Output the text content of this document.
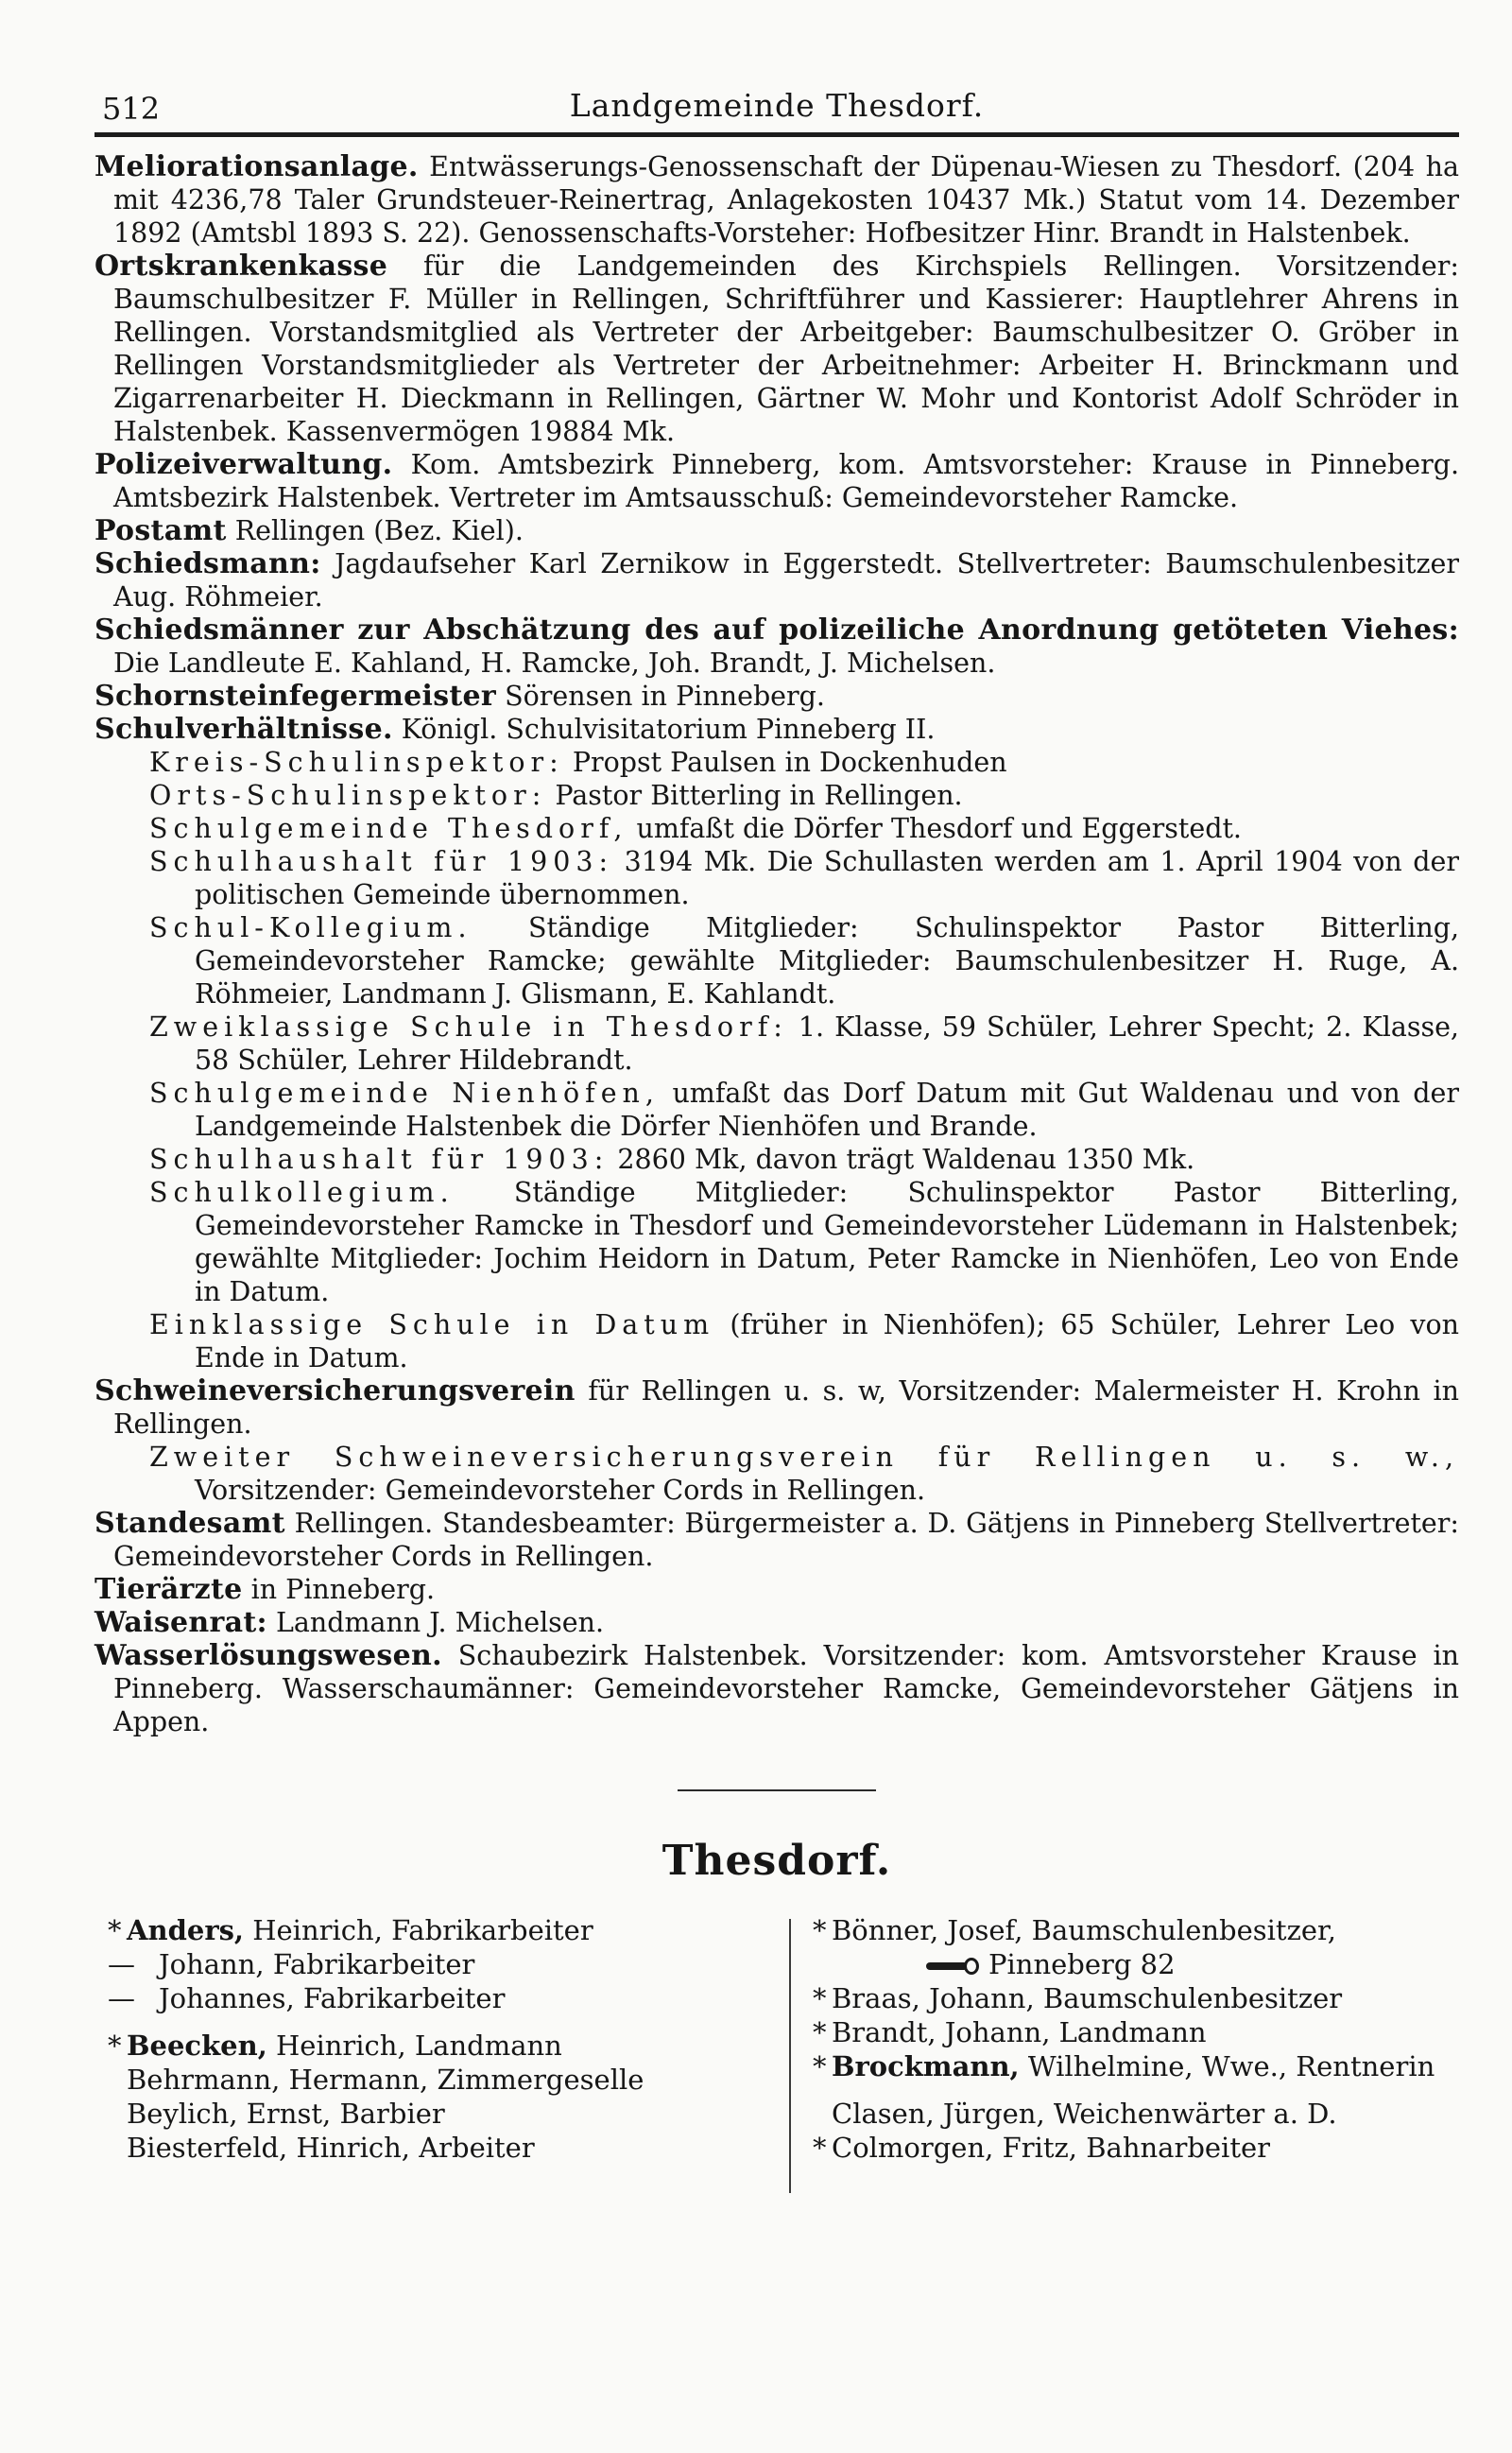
512	Landgemeinde Thesdorf.
Meliorationsanlage. Entwässerungs-Genossenschaft der Düpenau-Wiesen zu Thesdorf. (204 ha mit 4236,78 Taler Grundsteuer-Reinertrag, Anlagekosten 10437 Mk.) Statut vom 14. Dezember 1892 (Amtsbl 1893 S. 22). Genossenschafts-Vorsteher: Hofbesitzer Hinr. Brandt in Halstenbek.
Ortskrankenkasse für die Landgemeinden des Kirchspiels Rellingen. Vorsitzender: Baumschulbesitzer F. Müller in Rellingen, Schriftführer und Kassierer: Hauptlehrer Ahrens in Rellingen. Vorstandsmitglied als Vertreter der Arbeitgeber: Baumschulbesitzer O. Gröber in Rellingen Vorstandsmitglieder als Vertreter der Arbeitnehmer: Arbeiter H. Brinckmann und Zigarrenarbeiter H. Dieckmann in Rellingen, Gärtner W. Mohr und Kontorist Adolf Schröder in Halstenbek. Kassenvermögen 19884 Mk.
Polizeiverwaltung. Kom. Amtsbezirk Pinneberg, kom. Amtsvorsteher: Krause in Pinneberg. Amtsbezirk Halstenbek. Vertreter im Amtsausschuß: Gemeindevorsteher Ramcke.
Postamt Rellingen (Bez. Kiel).
Schiedsmann: Jagdaufseher Karl Zernikow in Eggerstedt. Stellvertreter: Baumschulenbesitzer Aug. Röhmeier.
Schiedsmänner zur Abschätzung des auf polizeiliche Anordnung getöteten Viehes: Die Landleute E. Kahland, H. Ramcke, Joh. Brandt, J. Michelsen.
Schornsteinfegermeister Sörensen in Pinneberg.
Schulverhältnisse. Königl. Schulvisitatorium Pinneberg II.
Kreis-Schulinspektor: Propst Paulsen in Dockenhuden
Orts-Schulinspektor: Pastor Bitterling in Rellingen.
Schulgemeinde Thesdorf, umfaßt die Dörfer Thesdorf und Eggerstedt.
Schulhaushalt für 1903: 3194 Mk. Die Schullasten werden am 1. April 1904 von der politischen Gemeinde übernommen.
Schul-Kollegium. Ständige Mitglieder: Schulinspektor Pastor Bitterling, Gemeindevorsteher Ramcke; gewählte Mitglieder: Baumschulenbesitzer H. Ruge, A. Röhmeier, Landmann J. Glismann, E. Kahlandt.
Zweiklassige Schule in Thesdorf: 1. Klasse, 59 Schüler, Lehrer Specht; 2. Klasse, 58 Schüler, Lehrer Hildebrandt.
Schulgemeinde Nienhöfen, umfaßt das Dorf Datum mit Gut Waldenau und von der Landgemeinde Halstenbek die Dörfer Nienhöfen und Brande.
Schulhaushalt für 1903: 2860 Mk, davon trägt Waldenau 1350 Mk.
Schulkollegium. Ständige Mitglieder: Schulinspektor Pastor Bitterling, Gemeindevorsteher Ramcke in Thesdorf und Gemeindevorsteher Lüdemann in Halstenbek; gewählte Mitglieder: Jochim Heidorn in Datum, Peter Ramcke in Nienhöfen, Leo von Ende in Datum.
Einklassige Schule in Datum (früher in Nienhöfen); 65 Schüler, Lehrer Leo von Ende in Datum.
Schweineversicherungsverein für Rellingen u. s. w, Vorsitzender: Malermeister H. Krohn in Rellingen.
Zweiter Schweineversicherungsverein für Rellingen u. s. w., Vorsitzender: Gemeindevorsteher Cords in Rellingen.
Standesamt Rellingen. Standesbeamter: Bürgermeister a. D. Gätjens in Pinneberg Stellvertreter: Gemeindevorsteher Cords in Rellingen.
Tierärzte in Pinneberg.
Waisenrat: Landmann J. Michelsen.
Wasserlösungswesen. Schaubezirk Halstenbek. Vorsitzender: kom. Amtsvorsteher Krause in Pinneberg. Wasserschaumänner: Gemeindevorsteher Ramcke, Gemeindevorsteher Gätjens in Appen.
Thesdorf.
* Anders, Heinrich, Fabrikarbeiter
— Johann, Fabrikarbeiter
— Johannes, Fabrikarbeiter
* Beecken, Heinrich, Landmann
Behrmann, Hermann, Zimmergeselle
Beylich, Ernst, Barbier
Biesterfeld, Hinrich, Arbeiter
* Bönner, Josef, Baumschulenbesitzer,
Pinneberg 82
* Braas, Johann, Baumschulenbesitzer
* Brandt, Johann, Landmann
* Brockmann, Wilhelmine, Wwe., Rentnerin
Clasen, Jürgen, Weichenwärter a. D.
* Colmorgen, Fritz, Bahnarbeiter
